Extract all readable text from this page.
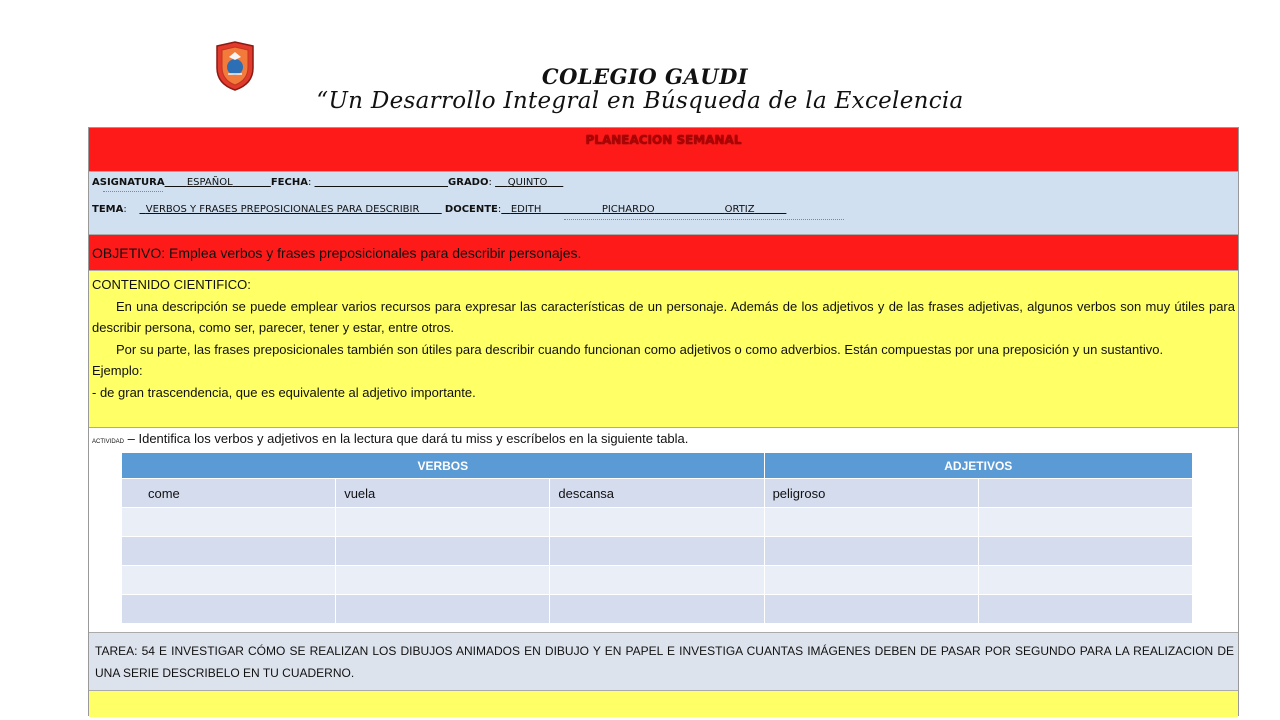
COLEGIO GAUDI
“Un Desarrollo Integral en Búsqueda de la Excelencia
PLANEACION SEMANAL
ASIGNATURA ESPAÑOL	FECHA:	GRADO:     QUINTO
TEMA:      VERBOS Y FRASES PREPOSICIONALES PARA DESCRIBIR	DOCENTE: EDITH	PICHARDO	ORTIZ
OBJETIVO: Emplea verbos y frases preposicionales para describir personajes.

CONTENIDO CIENTIFICO:

En una descripción se puede emplear varios recursos para expresar las características de un personaje. Además de los adjetivos y de las frases adjetivas, algunos verbos son muy útiles para describir persona, como ser, parecer, tener y estar, entre otros.

Por su parte, las frases preposicionales también son útiles para describir cuando funcionan como adjetivos o como adverbios. Están compuestas por una preposición y un sustantivo.

Ejemplo:

- de gran trascendencia, que es equivalente al adjetivo importante.

ACTIVIDAD – Identifica los verbos y adjetivos en la lectura que dará tu miss y escríbelos en la siguiente tabla.
TAREA: 54 E INVESTIGAR CÓMO SE REALIZAN LOS DIBUJOS ANIMADOS EN DIBUJO Y EN PAPEL E INVESTIGA CUANTAS IMÁGENES DEBEN DE PASAR POR SEGUNDO PARA LA REALIZACION DE UNA SERIE DESCRIBELO EN TU CUADERNO.
VERBOS			ADJETIVOS	
come	vuela	descansa	peligroso	
